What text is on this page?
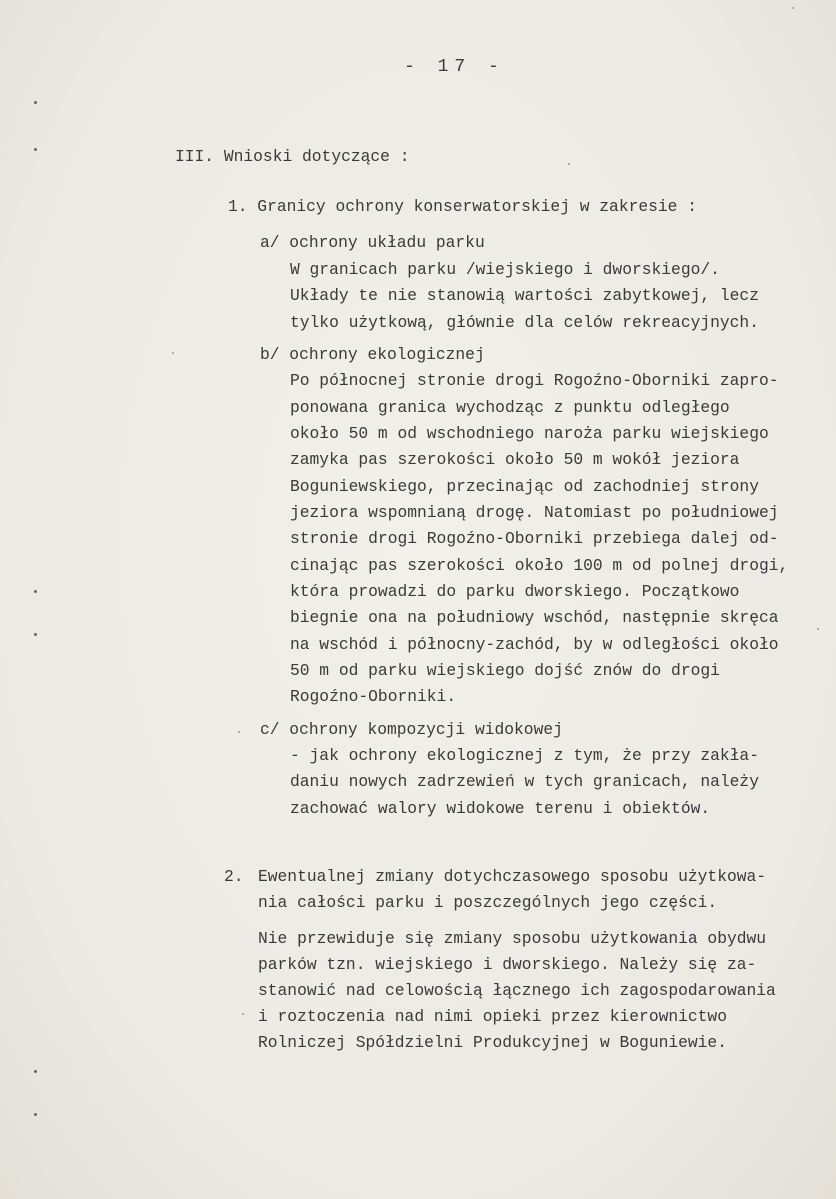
- 17 -
III. Wnioski dotyczące :
1. Granicy ochrony konserwatorskiej w zakresie :
a/ ochrony układu parku
W granicach parku /wiejskiego i dworskiego/.
Układy te nie stanowią wartości zabytkowej, lecz
tylko użytkową, głównie dla celów rekreacyjnych.
b/ ochrony ekologicznej
Po północnej stronie drogi Rogoźno-Oborniki zapro-
ponowana granica wychodząc z punktu odległego
około 50 m od wschodniego naroża parku wiejskiego
zamyka pas szerokości około 50 m wokół jeziora
Boguniewskiego, przecinając od zachodniej strony
jeziora wspomnianą drogę. Natomiast po południowej
stronie drogi Rogoźno-Oborniki przebiega dalej od-
cinając pas szerokości około 100 m od polnej drogi,
która prowadzi do parku dworskiego. Początkowo
biegnie ona na południowy wschód, następnie skręca
na wschód i północny-zachód, by w odległości około
50 m od parku wiejskiego dojść znów do drogi
Rogoźno-Oborniki.
c/ ochrony kompozycji widokowej
- jak ochrony ekologicznej z tym, że przy zakła-
daniu nowych zadrzewień w tych granicach, należy
zachować walory widokowe terenu i obiektów.
2. Ewentualnej zmiany dotychczasowego sposobu użytkowa-
nia całości parku i poszczególnych jego części.
Nie przewiduje się zmiany sposobu użytkowania obydwu
parków tzn. wiejskiego i dworskiego. Należy się za-
stanowić nad celowością łącznego ich zagospodarowania
i roztoczenia nad nimi opieki przez kierownictwo
Rolniczej Spółdzielni Produkcyjnej w Boguniewie.
